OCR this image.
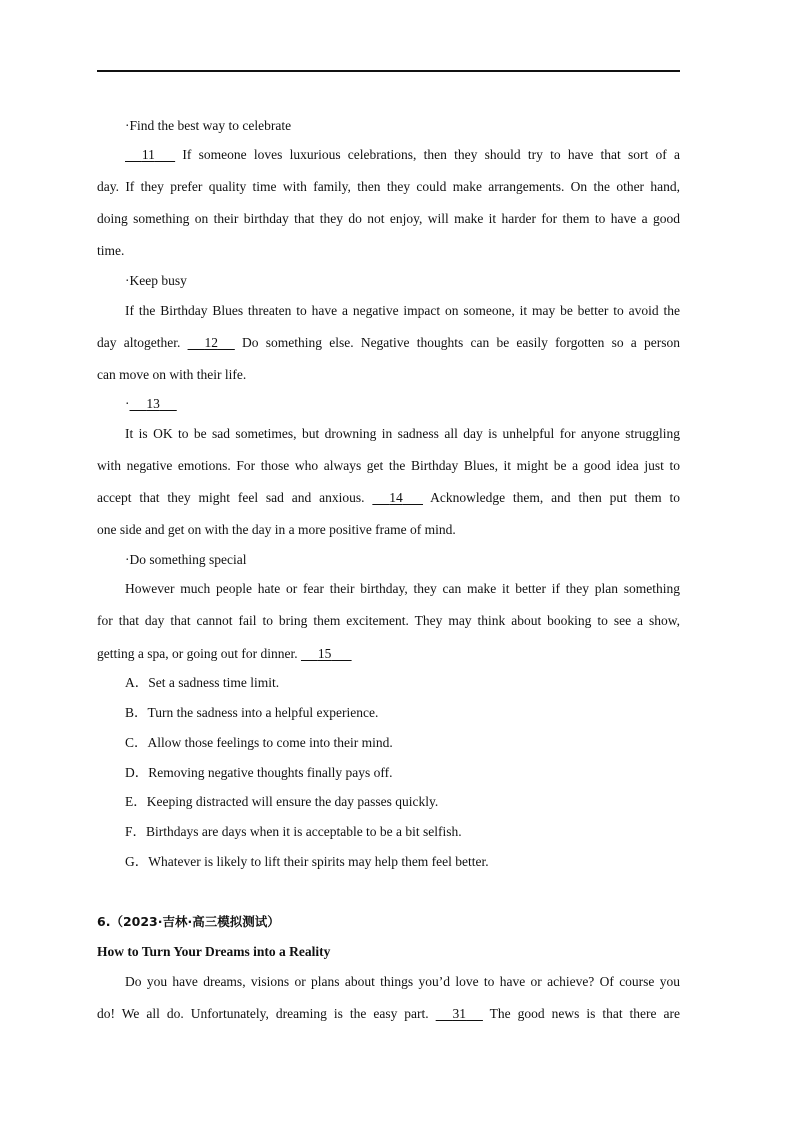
·Find the best way to celebrate
11 If someone loves luxurious celebrations, then they should try to have that sort of a
day. If they prefer quality time with family, then they could make arrangements. On the other hand,
doing something on their birthday that they do not enjoy, will make it harder for them to have a good
time.
·Keep busy
If the Birthday Blues threaten to have a negative impact on someone, it may be better to avoid the
day altogether. 12 Do something else. Negative thoughts can be easily forgotten so a person
can move on with their life.
· 13
It is OK to be sad sometimes, but drowning in sadness all day is unhelpful for anyone struggling
with negative emotions. For those who always get the Birthday Blues, it might be a good idea just to
accept that they might feel sad and anxious. 14 Acknowledge them, and then put them to
one side and get on with the day in a more positive frame of mind.
·Do something special
However much people hate or fear their birthday, they can make it better if they plan something
for that day that cannot fail to bring them excitement. They may think about booking to see a show,
getting a spa, or going out for dinner. 15
A．Set a sadness time limit.
B．Turn the sadness into a helpful experience.
C．Allow those feelings to come into their mind.
D．Removing negative thoughts finally pays off.
E．Keeping distracted will ensure the day passes quickly.
F．Birthdays are days when it is acceptable to be a bit selfish.
G．Whatever is likely to lift their spirits may help them feel better.
6.（2023·吉林·高三模拟测试）
How to Turn Your Dreams into a Reality
Do you have dreams, visions or plans about things you’d love to have or achieve? Of course you
do! We all do. Unfortunately, dreaming is the easy part. 31 The good news is that there are
